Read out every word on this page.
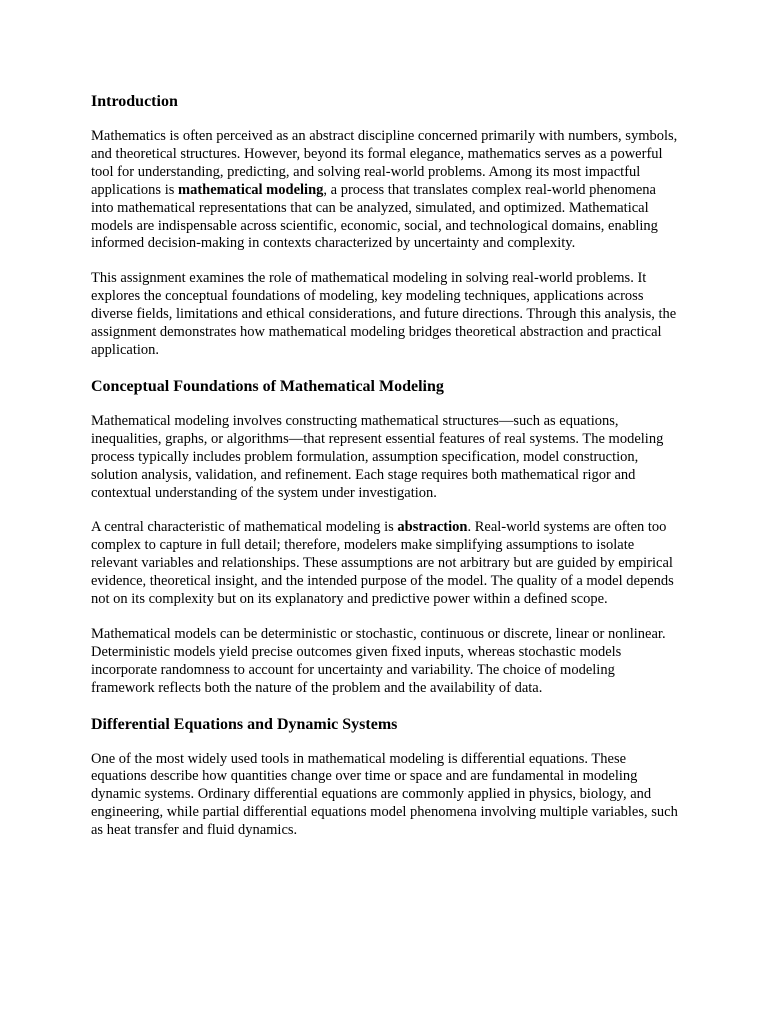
Introduction

Mathematics is often perceived as an abstract discipline concerned primarily with numbers, symbols, and theoretical structures. However, beyond its formal elegance, mathematics serves as a powerful tool for understanding, predicting, and solving real-world problems. Among its most impactful applications is mathematical modeling, a process that translates complex real-world phenomena into mathematical representations that can be analyzed, simulated, and optimized. Mathematical models are indispensable across scientific, economic, social, and technological domains, enabling informed decision-making in contexts characterized by uncertainty and complexity.

This assignment examines the role of mathematical modeling in solving real-world problems. It explores the conceptual foundations of modeling, key modeling techniques, applications across diverse fields, limitations and ethical considerations, and future directions. Through this analysis, the assignment demonstrates how mathematical modeling bridges theoretical abstraction and practical application.

Conceptual Foundations of Mathematical Modeling

Mathematical modeling involves constructing mathematical structures—such as equations, inequalities, graphs, or algorithms—that represent essential features of real systems. The modeling process typically includes problem formulation, assumption specification, model construction, solution analysis, validation, and refinement. Each stage requires both mathematical rigor and contextual understanding of the system under investigation.

A central characteristic of mathematical modeling is abstraction. Real-world systems are often too complex to capture in full detail; therefore, modelers make simplifying assumptions to isolate relevant variables and relationships. These assumptions are not arbitrary but are guided by empirical evidence, theoretical insight, and the intended purpose of the model. The quality of a model depends not on its complexity but on its explanatory and predictive power within a defined scope.

Mathematical models can be deterministic or stochastic, continuous or discrete, linear or nonlinear. Deterministic models yield precise outcomes given fixed inputs, whereas stochastic models incorporate randomness to account for uncertainty and variability. The choice of modeling framework reflects both the nature of the problem and the availability of data.

Differential Equations and Dynamic Systems

One of the most widely used tools in mathematical modeling is differential equations. These equations describe how quantities change over time or space and are fundamental in modeling dynamic systems. Ordinary differential equations are commonly applied in physics, biology, and engineering, while partial differential equations model phenomena involving multiple variables, such as heat transfer and fluid dynamics.
